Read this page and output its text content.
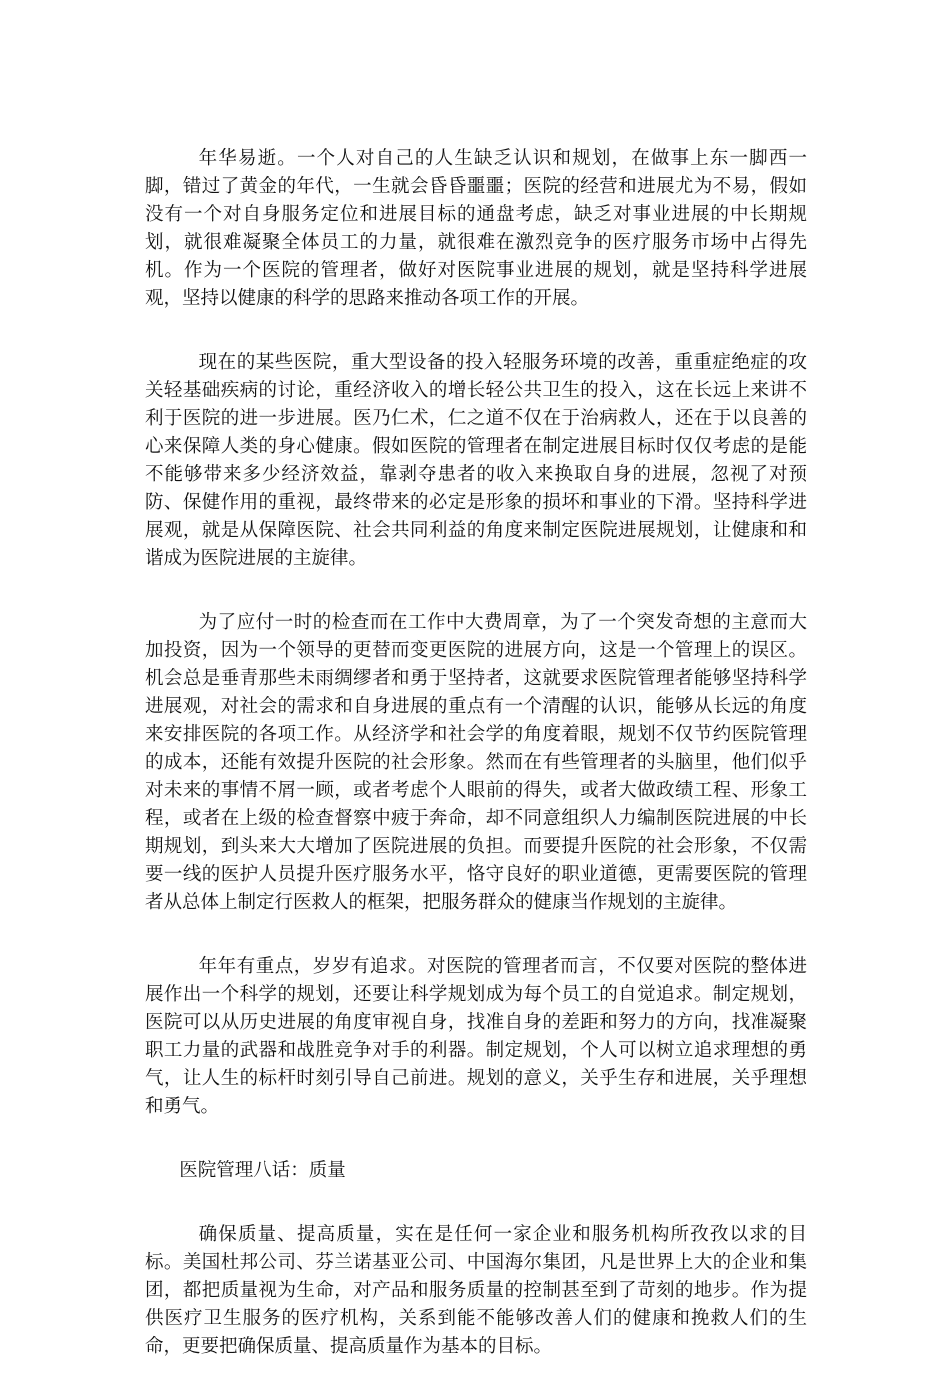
年华易逝。一个人对自己的人生缺乏认识和规划，在做事上东一脚西一脚，错过了黄金的年代，一生就会昏昏噩噩；医院的经营和进展尤为不易，假如没有一个对自身服务定位和进展目标的通盘考虑，缺乏对事业进展的中长期规划，就很难凝聚全体员工的力量，就很难在激烈竞争的医疗服务市场中占得先机。作为一个医院的管理者，做好对医院事业进展的规划，就是坚持科学进展观，坚持以健康的科学的思路来推动各项工作的开展。

现在的某些医院，重大型设备的投入轻服务环境的改善，重重症绝症的攻关轻基础疾病的讨论，重经济收入的增长轻公共卫生的投入，这在长远上来讲不利于医院的进一步进展。医乃仁术，仁之道不仅在于治病救人，还在于以良善的心来保障人类的身心健康。假如医院的管理者在制定进展目标时仅仅考虑的是能不能够带来多少经济效益，靠剥夺患者的收入来换取自身的进展，忽视了对预防、保健作用的重视，最终带来的必定是形象的损坏和事业的下滑。坚持科学进展观，就是从保障医院、社会共同利益的角度来制定医院进展规划，让健康和和谐成为医院进展的主旋律。

为了应付一时的检查而在工作中大费周章，为了一个突发奇想的主意而大加投资，因为一个领导的更替而变更医院的进展方向，这是一个管理上的误区。机会总是垂青那些未雨绸缪者和勇于坚持者，这就要求医院管理者能够坚持科学进展观，对社会的需求和自身进展的重点有一个清醒的认识，能够从长远的角度来安排医院的各项工作。从经济学和社会学的角度着眼，规划不仅节约医院管理的成本，还能有效提升医院的社会形象。然而在有些管理者的头脑里，他们似乎对未来的事情不屑一顾，或者考虑个人眼前的得失，或者大做政绩工程、形象工程，或者在上级的检查督察中疲于奔命，却不同意组织人力编制医院进展的中长期规划，到头来大大增加了医院进展的负担。而要提升医院的社会形象，不仅需要一线的医护人员提升医疗服务水平，恪守良好的职业道德，更需要医院的管理者从总体上制定行医救人的框架，把服务群众的健康当作规划的主旋律。

年年有重点，岁岁有追求。对医院的管理者而言，不仅要对医院的整体进展作出一个科学的规划，还要让科学规划成为每个员工的自觉追求。制定规划，医院可以从历史进展的角度审视自身，找准自身的差距和努力的方向，找准凝聚职工力量的武器和战胜竞争对手的利器。制定规划，个人可以树立追求理想的勇气，让人生的标杆时刻引导自己前进。规划的意义，关乎生存和进展，关乎理想和勇气。

医院管理八话：质量

确保质量、提高质量，实在是任何一家企业和服务机构所孜孜以求的目标。美国杜邦公司、芬兰诺基亚公司、中国海尔集团，凡是世界上大的企业和集团，都把质量视为生命，对产品和服务质量的控制甚至到了苛刻的地步。作为提供医疗卫生服务的医疗机构，关系到能不能够改善人们的健康和挽救人们的生命，更要把确保质量、提高质量作为基本的目标。
